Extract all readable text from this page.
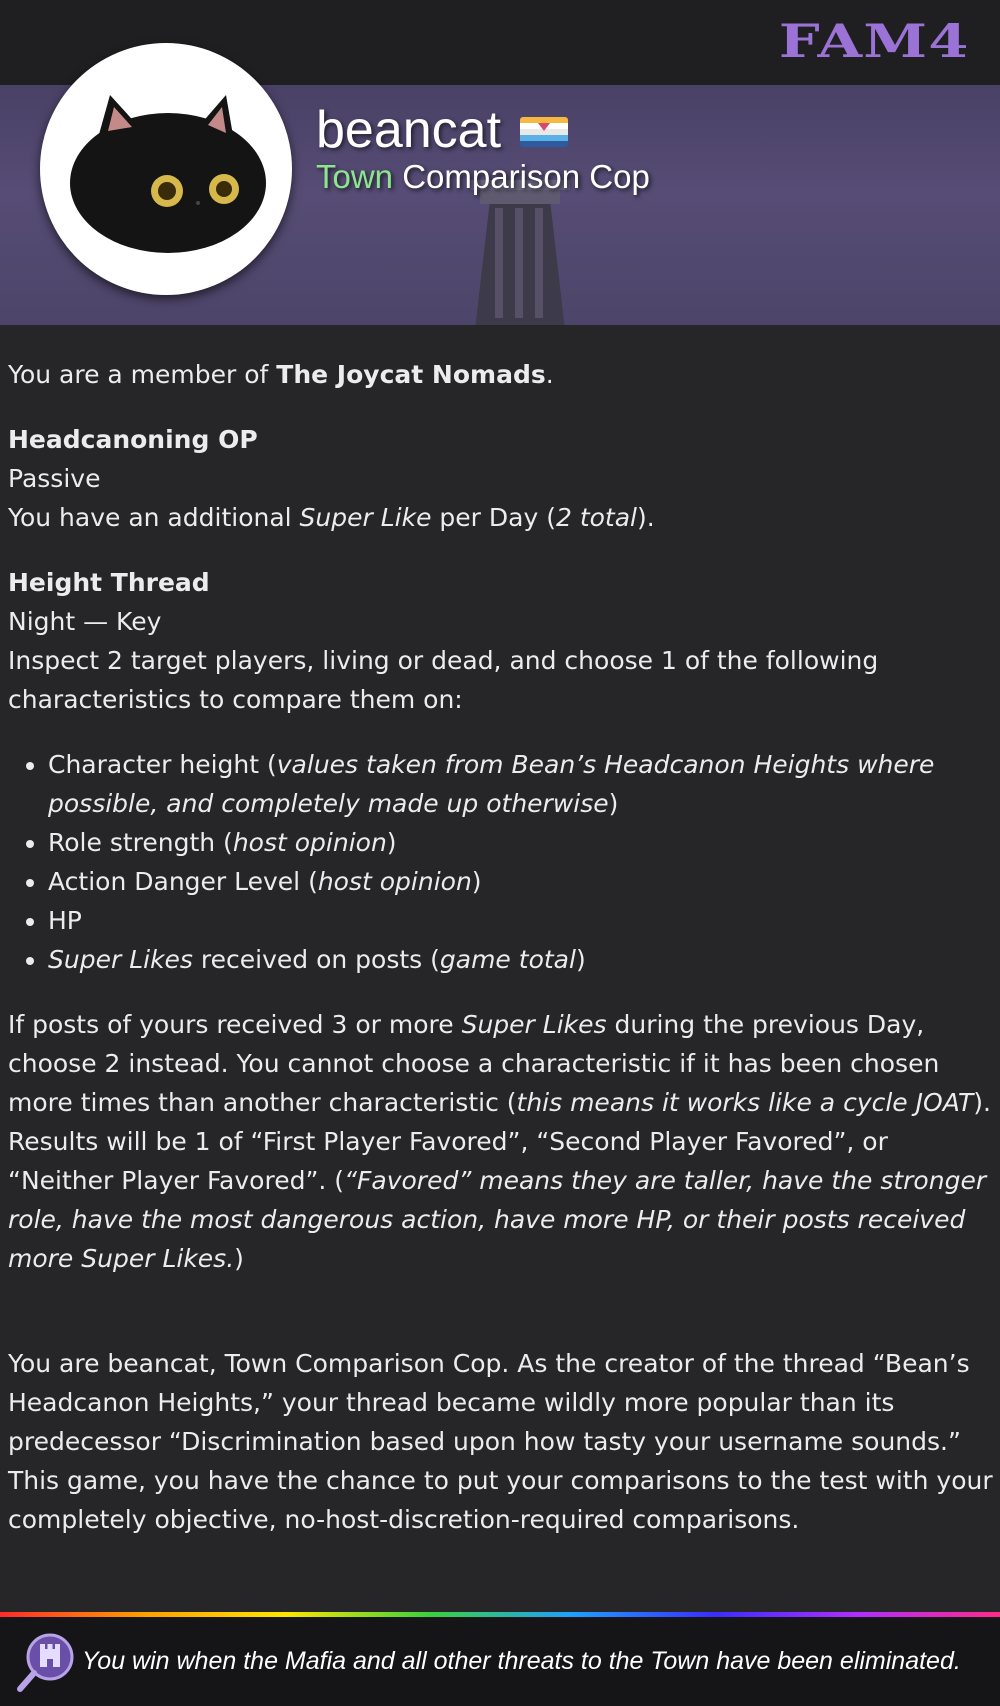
FAM4
beancat
Town Comparison Cop

You are a member of The Joycat Nomads.

Headcanoning OP
Passive
You have an additional Super Like per Day (2 total).

Height Thread
Night — Key
Inspect 2 target players, living or dead, and choose 1 of the following characteristics to compare them on:

• Character height (values taken from Bean’s Headcanon Heights where possible, and completely made up otherwise)
• Role strength (host opinion)
• Action Danger Level (host opinion)
• HP
• Super Likes received on posts (game total)

If posts of yours received 3 or more Super Likes during the previous Day, choose 2 instead. You cannot choose a characteristic if it has been chosen more times than another characteristic (this means it works like a cycle JOAT). Results will be 1 of “First Player Favored”, “Second Player Favored”, or “Neither Player Favored”. (“Favored” means they are taller, have the stronger role, have the most dangerous action, have more HP, or their posts received more Super Likes.)

You are beancat, Town Comparison Cop. As the creator of the thread “Bean’s Headcanon Heights,” your thread became wildly more popular than its predecessor “Discrimination based upon how tasty your username sounds.” This game, you have the chance to put your comparisons to the test with your completely objective, no-host-discretion-required comparisons.

You win when the Mafia and all other threats to the Town have been eliminated.
